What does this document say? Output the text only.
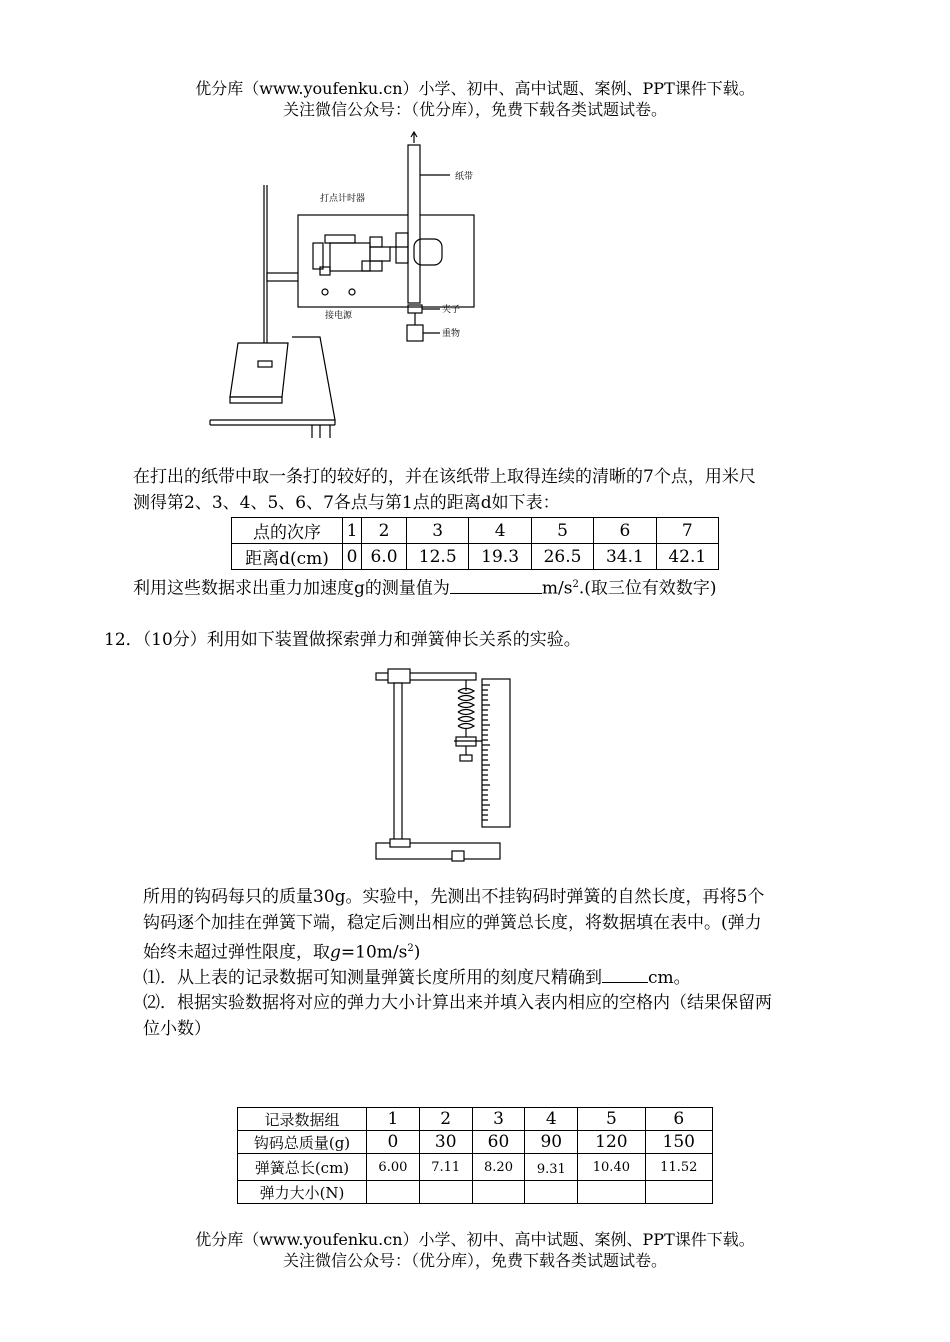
优分库（www.youfenku.cn）小学、初中、高中试题、案例、PPT课件下载。
关注微信公众号：（优分库），免费下载各类试题试卷。
纸带
打点计时器
接电源
夹子
重物
在打出的纸带中取一条打的较好的，并在该纸带上取得连续的清晰的7个点，用米尺
测得第2、3、4、5、6、7各点与第1点的距离d如下表：
点的次序	1	2	3	4	5	6	7
距离d(cm)	0	6.0	12.5	19.3	26.5	34.1	42.1
利用这些数据求出重力加速度g的测量值为	$m/s^2$.(取三位有效数字)
12．（10分）利用如下装置做探索弹力和弹簧伸长关系的实验。
所用的钩码每只的质量30g。实验中，先测出不挂钩码时弹簧的自然长度，再将5个
钩码逐个加挂在弹簧下端，稳定后测出相应的弹簧总长度，将数据填在表中。(弹力
始终未超过弹性限度，取$g=10m/s^2$)
⑴．从上表的记录数据可知测量弹簧长度所用的刻度尺精确到	cm。
⑵．根据实验数据将对应的弹力大小计算出来并填入表内相应的空格内（结果保留两
位小数）
记录数据组	1	2	3	4	5	6
钩码总质量(g)	0	30	60	90	120	150
弹簧总长(cm)	6.00	7.11	8.20	9.31	10.40	11.52
弹力大小(N)						
优分库（www.youfenku.cn）小学、初中、高中试题、案例、PPT课件下载。
关注微信公众号：（优分库），免费下载各类试题试卷。
